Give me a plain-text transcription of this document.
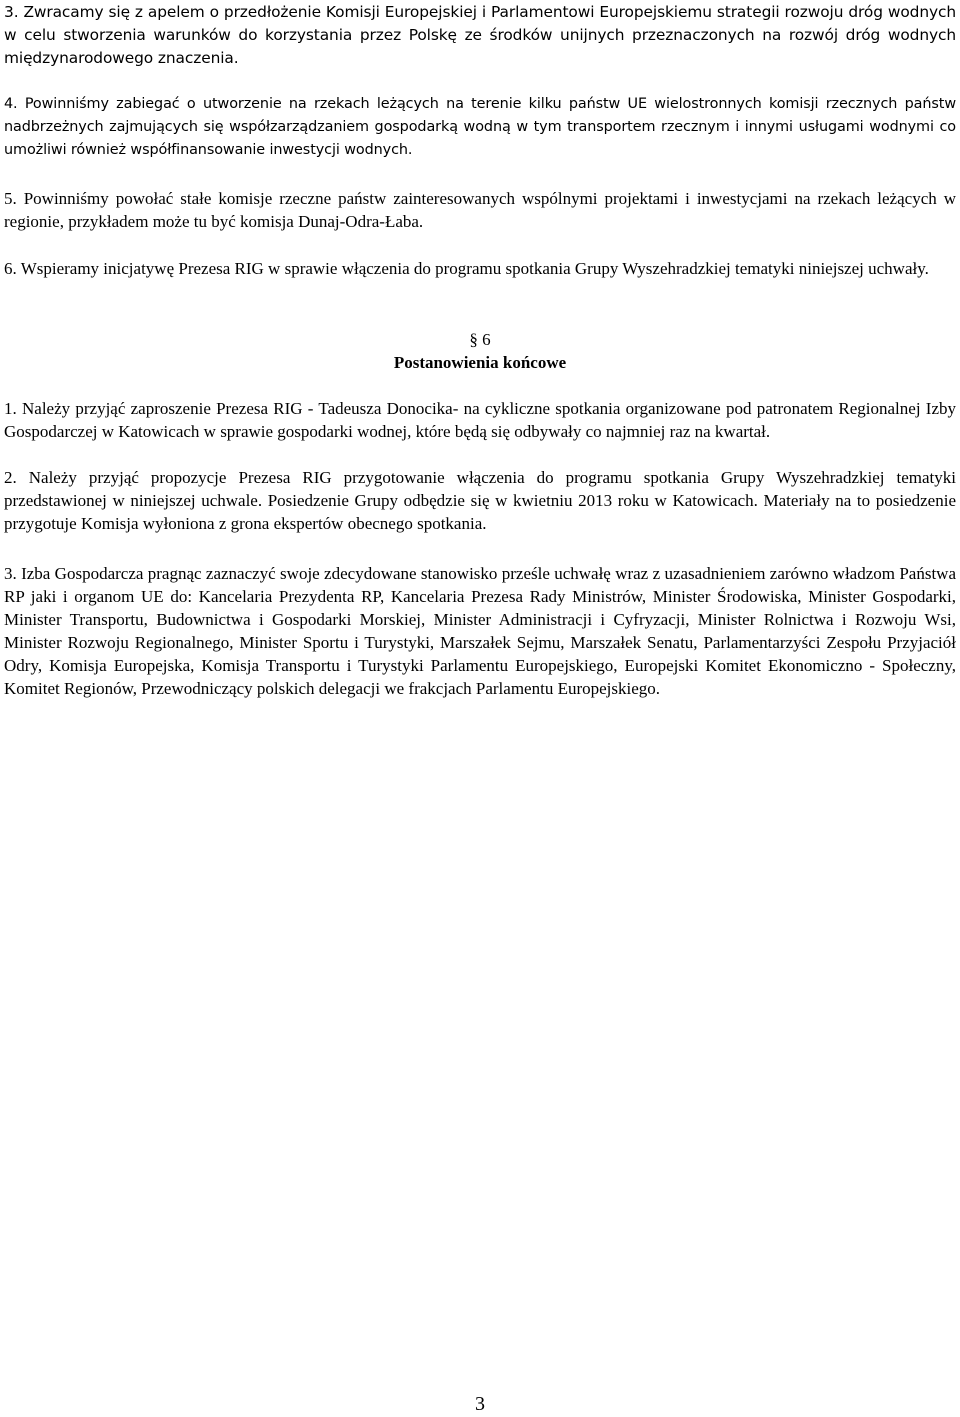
3. Zwracamy się z apelem o przedłożenie Komisji Europejskiej i Parlamentowi Europejskiemu strategii rozwoju dróg wodnych w celu stworzenia warunków do korzystania przez Polskę ze środków unijnych przeznaczonych na rozwój dróg wodnych międzynarodowego znaczenia.

4. Powinniśmy zabiegać o utworzenie na rzekach leżących na terenie kilku państw UE wielostronnych komisji rzecznych państw nadbrzeżnych zajmujących się współzarządzaniem gospodarką wodną w tym transportem rzecznym i innymi usługami wodnymi co umożliwi również współfinansowanie inwestycji wodnych.

5. Powinniśmy powołać stałe komisje rzeczne państw zainteresowanych wspólnymi projektami i inwestycjami na rzekach leżących w regionie, przykładem może tu być komisja Dunaj-Odra-Łaba.

6. Wspieramy inicjatywę Prezesa RIG w sprawie włączenia do programu spotkania Grupy Wyszehradzkiej tematyki niniejszej uchwały.

§ 6

Postanowienia końcowe

1. Należy przyjąć zaproszenie Prezesa RIG - Tadeusza Donocika- na cykliczne spotkania organizowane pod patronatem Regionalnej Izby Gospodarczej w Katowicach w sprawie gospodarki wodnej, które będą się odbywały co najmniej raz na kwartał.

2. Należy przyjąć propozycje Prezesa RIG przygotowanie włączenia do programu spotkania Grupy Wyszehradzkiej tematyki przedstawionej w niniejszej uchwale. Posiedzenie Grupy odbędzie się w kwietniu 2013 roku w Katowicach. Materiały na to posiedzenie przygotuje Komisja wyłoniona z grona ekspertów obecnego spotkania.

3. Izba Gospodarcza pragnąc zaznaczyć swoje zdecydowane stanowisko prześle uchwałę wraz z uzasadnieniem zarówno władzom Państwa RP jaki i organom UE do: Kancelaria Prezydenta RP, Kancelaria Prezesa Rady Ministrów, Minister Środowiska, Minister Gospodarki, Minister Transportu, Budownictwa i Gospodarki Morskiej, Minister Administracji i Cyfryzacji, Minister Rolnictwa i Rozwoju Wsi, Minister Rozwoju Regionalnego, Minister Sportu i Turystyki, Marszałek Sejmu, Marszałek Senatu, Parlamentarzyści Zespołu Przyjaciół Odry, Komisja Europejska, Komisja Transportu i Turystyki Parlamentu Europejskiego, Europejski Komitet Ekonomiczno - Społeczny, Komitet Regionów, Przewodniczący polskich delegacji we frakcjach Parlamentu Europejskiego.

3
